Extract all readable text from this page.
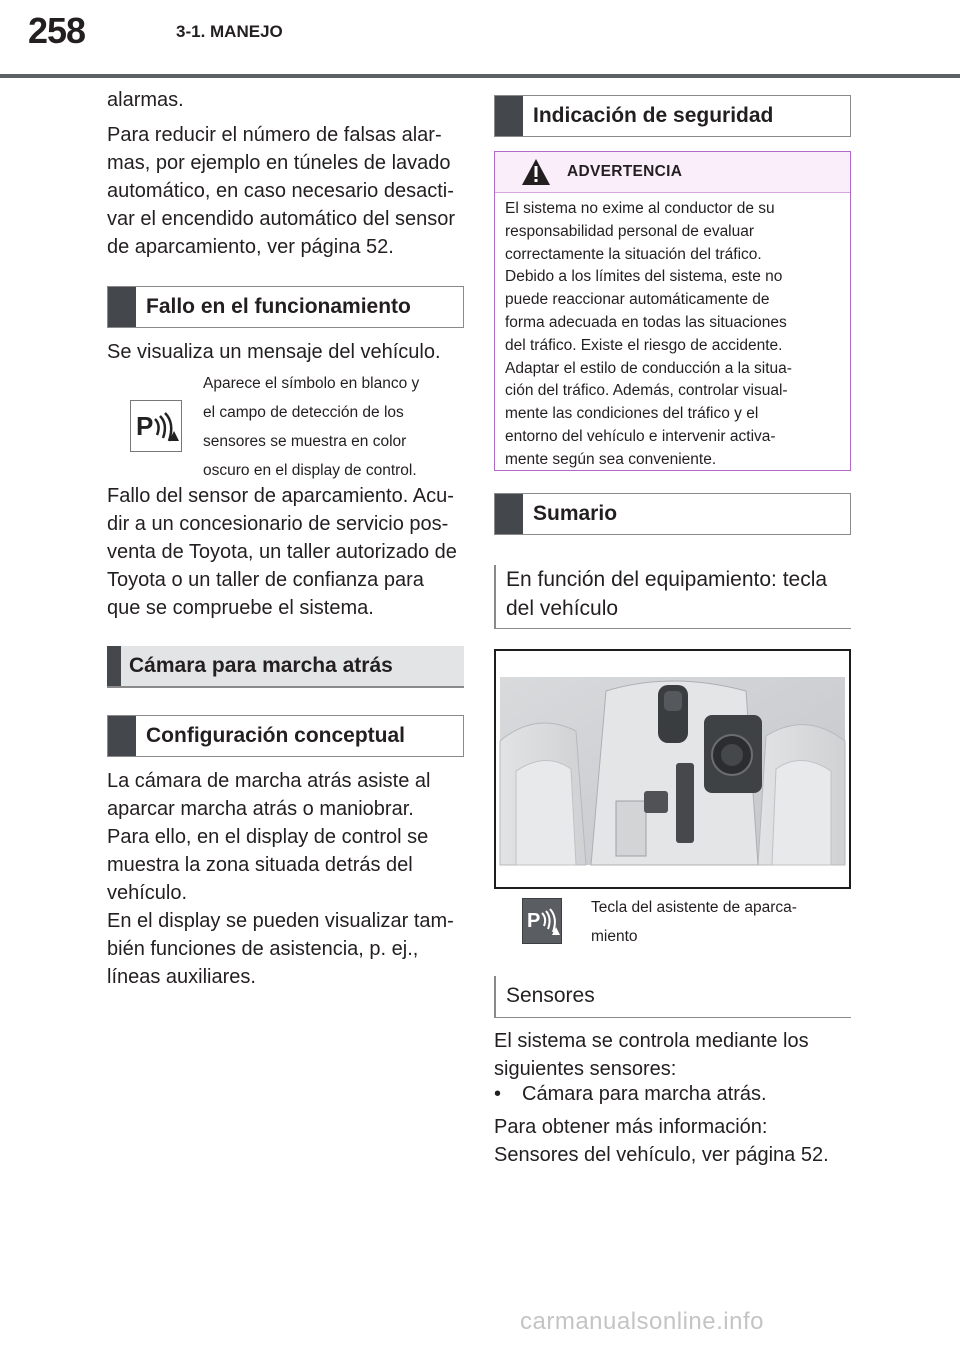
258	3-1. MANEJO

alarmas.

Para reducir el número de falsas alar-

mas, por ejemplo en túneles de lavado

automático, en caso necesario desacti-

var el encendido automático del sensor

de aparcamiento, ver página 52.

Fallo en el funcionamiento

Se visualiza un mensaje del vehículo.

P
Aparece el símbolo en blanco y
el campo de detección de los
sensores se muestra en color
oscuro en el display de control.

Fallo del sensor de aparcamiento. Acu-

dir a un concesionario de servicio pos-

venta de Toyota, un taller autorizado de

Toyota o un taller de confianza para

que se compruebe el sistema.

Cámara para marcha atrás
Configuración conceptual

La cámara de marcha atrás asiste al

aparcar marcha atrás o maniobrar.

Para ello, en el display de control se

muestra la zona situada detrás del

vehículo.

En el display se pueden visualizar tam-

bién funciones de asistencia, p. ej.,

líneas auxiliares.

Indicación de seguridad
ADVERTENCIA
El sistema no exime al conductor de su
responsabilidad personal de evaluar
correctamente la situación del tráfico.
Debido a los límites del sistema, este no
puede reaccionar automáticamente de
forma adecuada en todas las situaciones
del tráfico. Existe el riesgo de accidente.
Adaptar el estilo de conducción a la situa-
ción del tráfico. Además, controlar visual-
mente las condiciones del tráfico y el
entorno del vehículo e intervenir activa-
mente según sea conveniente.
Sumario
En función del equipamiento: tecla
del vehículo
P
Tecla del asistente de aparca-
miento
Sensores

El sistema se controla mediante los

siguientes sensores:

• Cámara para marcha atrás.

Para obtener más información:

Sensores del vehículo, ver página 52.

carmanualsonline.info
